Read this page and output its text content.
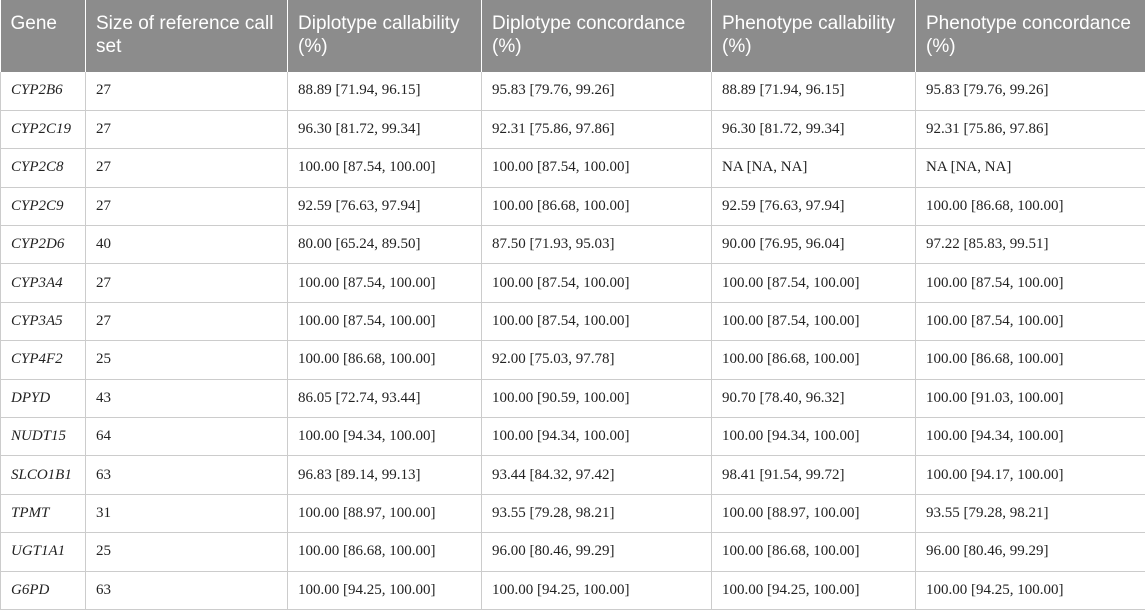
Gene	Size of reference call set	Diplotype callability (%)	Diplotype concordance (%)	Phenotype callability (%)	Phenotype concordance (%)
CYP2B6	27	88.89 [71.94, 96.15]	95.83 [79.76, 99.26]	88.89 [71.94, 96.15]	95.83 [79.76, 99.26]
CYP2C19	27	96.30 [81.72, 99.34]	92.31 [75.86, 97.86]	96.30 [81.72, 99.34]	92.31 [75.86, 97.86]
CYP2C8	27	100.00 [87.54, 100.00]	100.00 [87.54, 100.00]	NA [NA, NA]	NA [NA, NA]
CYP2C9	27	92.59 [76.63, 97.94]	100.00 [86.68, 100.00]	92.59 [76.63, 97.94]	100.00 [86.68, 100.00]
CYP2D6	40	80.00 [65.24, 89.50]	87.50 [71.93, 95.03]	90.00 [76.95, 96.04]	97.22 [85.83, 99.51]
CYP3A4	27	100.00 [87.54, 100.00]	100.00 [87.54, 100.00]	100.00 [87.54, 100.00]	100.00 [87.54, 100.00]
CYP3A5	27	100.00 [87.54, 100.00]	100.00 [87.54, 100.00]	100.00 [87.54, 100.00]	100.00 [87.54, 100.00]
CYP4F2	25	100.00 [86.68, 100.00]	92.00 [75.03, 97.78]	100.00 [86.68, 100.00]	100.00 [86.68, 100.00]
DPYD	43	86.05 [72.74, 93.44]	100.00 [90.59, 100.00]	90.70 [78.40, 96.32]	100.00 [91.03, 100.00]
NUDT15	64	100.00 [94.34, 100.00]	100.00 [94.34, 100.00]	100.00 [94.34, 100.00]	100.00 [94.34, 100.00]
SLCO1B1	63	96.83 [89.14, 99.13]	93.44 [84.32, 97.42]	98.41 [91.54, 99.72]	100.00 [94.17, 100.00]
TPMT	31	100.00 [88.97, 100.00]	93.55 [79.28, 98.21]	100.00 [88.97, 100.00]	93.55 [79.28, 98.21]
UGT1A1	25	100.00 [86.68, 100.00]	96.00 [80.46, 99.29]	100.00 [86.68, 100.00]	96.00 [80.46, 99.29]
G6PD	63	100.00 [94.25, 100.00]	100.00 [94.25, 100.00]	100.00 [94.25, 100.00]	100.00 [94.25, 100.00]
